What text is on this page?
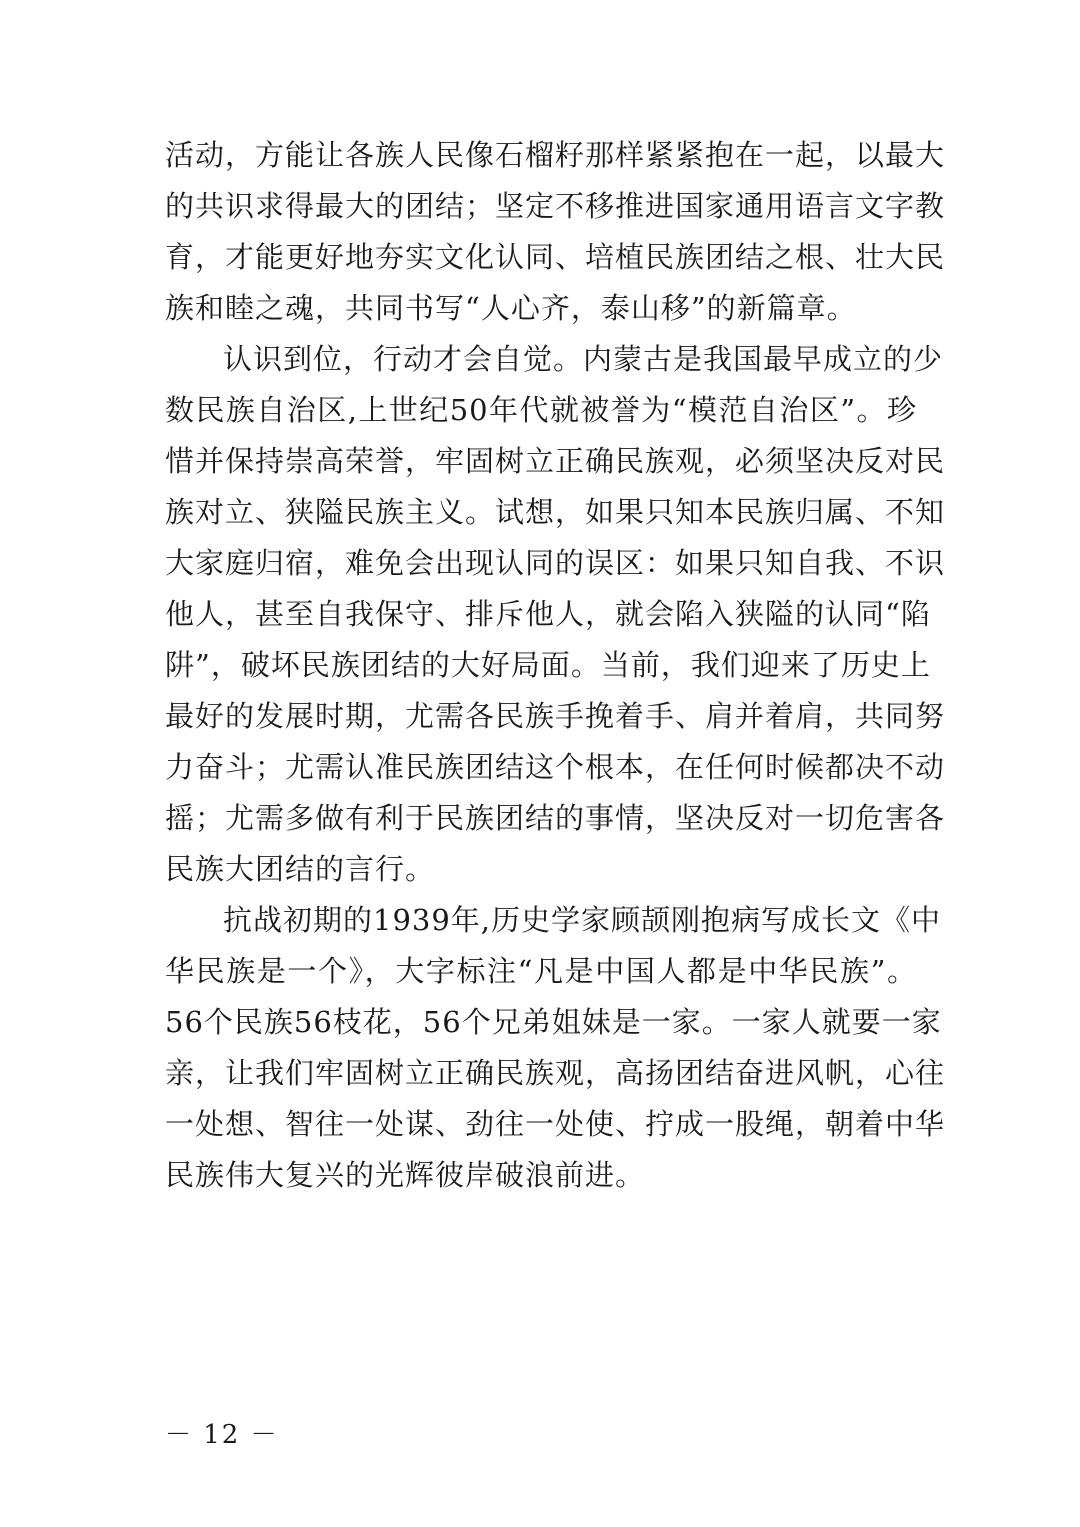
活动，方能让各族人民像石榴籽那样紧紧抱在一起，以最大
的共识求得最大的团结；坚定不移推进国家通用语言文字教
育，才能更好地夯实文化认同、培植民族团结之根、壮大民
族和睦之魂，共同书写“人心齐，泰山移”的新篇章。
认识到位，行动才会自觉。内蒙古是我国最早成立的少
数民族自治区,上世纪50年代就被誉为“模范自治区”。珍
惜并保持崇高荣誉，牢固树立正确民族观，必须坚决反对民
族对立、狭隘民族主义。试想，如果只知本民族归属、不知
大家庭归宿，难免会出现认同的误区：如果只知自我、不识
他人，甚至自我保守、排斥他人，就会陷入狭隘的认同“陷
阱”，破坏民族团结的大好局面。当前，我们迎来了历史上
最好的发展时期，尤需各民族手挽着手、肩并着肩，共同努
力奋斗；尤需认准民族团结这个根本，在任何时候都决不动
摇；尤需多做有利于民族团结的事情，坚决反对一切危害各
民族大团结的言行。
抗战初期的1939年,历史学家顾颉刚抱病写成长文《中
华民族是一个》，大字标注“凡是中国人都是中华民族”。
56个民族56枝花，56个兄弟姐妹是一家。一家人就要一家
亲，让我们牢固树立正确民族观，高扬团结奋进风帆，心往
一处想、智往一处谋、劲往一处使、拧成一股绳，朝着中华
民族伟大复兴的光辉彼岸破浪前进。
－ 12 －
